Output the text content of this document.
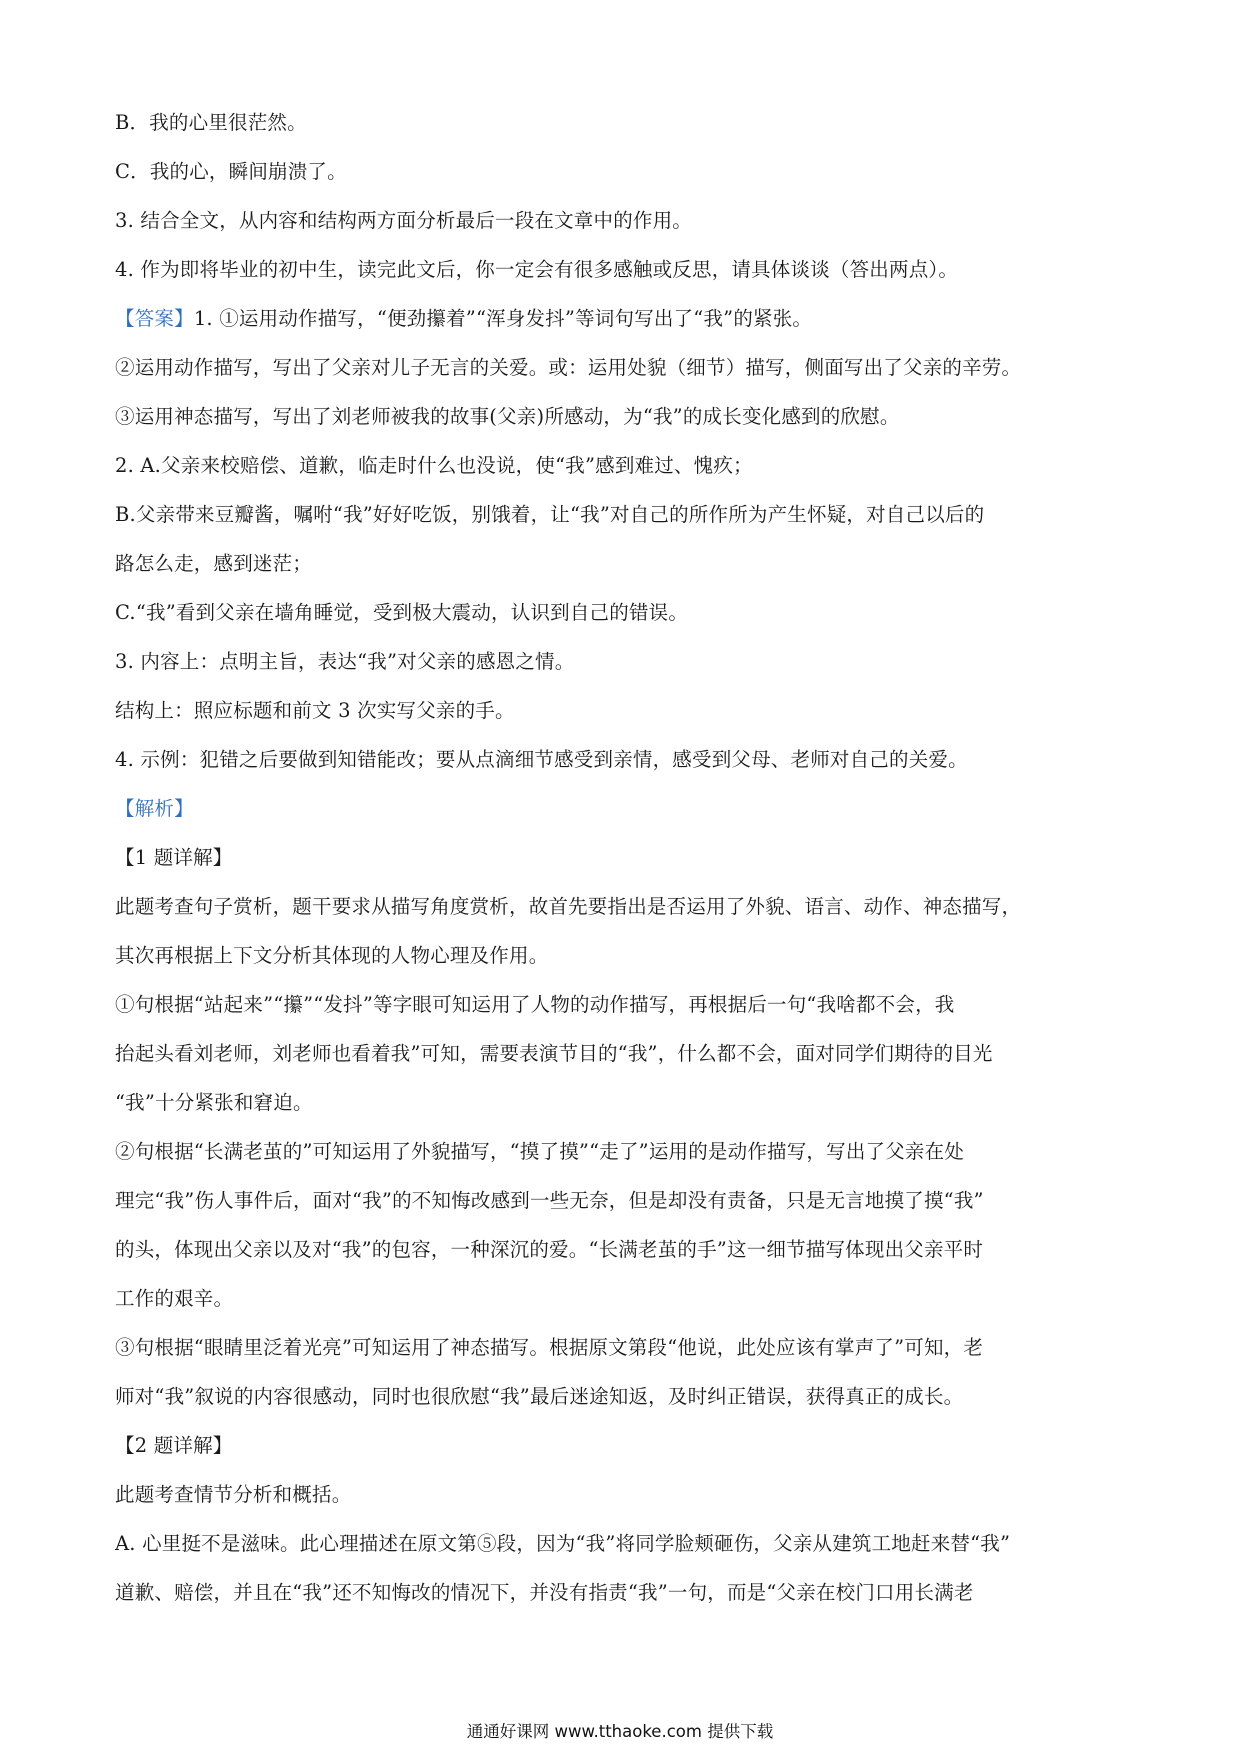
B．我的心里很茫然。
C．我的心，瞬间崩溃了。
3. 结合全文，从内容和结构两方面分析最后一段在文章中的作用。
4. 作为即将毕业的初中生，读完此文后，你一定会有很多感触或反思，请具体谈谈（答出两点）。
【答案】1. ①运用动作描写，“便劲攥着”“浑身发抖”等词句写出了“我”的紧张。
②运用动作描写，写出了父亲对儿子无言的关爱。或：运用处貌（细节）描写，侧面写出了父亲的辛劳。
③运用神态描写，写出了刘老师被我的故事(父亲)所感动，为“我”的成长变化感到的欣慰。
2. A.父亲来校赔偿、道歉，临走时什么也没说，使“我”感到难过、愧疚；
B.父亲带来豆瓣酱，嘱咐“我”好好吃饭，别饿着，让“我”对自己的所作所为产生怀疑，对自己以后的
路怎么走，感到迷茫；
C.“我”看到父亲在墙角睡觉，受到极大震动，认识到自己的错误。
3. 内容上：点明主旨，表达“我”对父亲的感恩之情。
结构上：照应标题和前文 3 次实写父亲的手。
4. 示例：犯错之后要做到知错能改；要从点滴细节感受到亲情，感受到父母、老师对自己的关爱。
【解析】
【1 题详解】
此题考查句子赏析，题干要求从描写角度赏析，故首先要指出是否运用了外貌、语言、动作、神态描写，
其次再根据上下文分析其体现的人物心理及作用。
①句根据“站起来”“攥”“发抖”等字眼可知运用了人物的动作描写，再根据后一句“我啥都不会，我
抬起头看刘老师，刘老师也看着我”可知，需要表演节目的“我”，什么都不会，面对同学们期待的目光
“我”十分紧张和窘迫。
②句根据“长满老茧的”可知运用了外貌描写，“摸了摸”“走了”运用的是动作描写，写出了父亲在处
理完“我”伤人事件后，面对“我”的不知悔改感到一些无奈，但是却没有责备，只是无言地摸了摸“我”
的头，体现出父亲以及对“我”的包容，一种深沉的爱。“长满老茧的手”这一细节描写体现出父亲平时
工作的艰辛。
③句根据“眼睛里泛着光亮”可知运用了神态描写。根据原文第段“他说，此处应该有掌声了”可知，老
师对“我”叙说的内容很感动，同时也很欣慰“我”最后迷途知返，及时纠正错误，获得真正的成长。
【2 题详解】
此题考查情节分析和概括。
A. 心里挺不是滋味。此心理描述在原文第⑤段，因为“我”将同学脸颊砸伤，父亲从建筑工地赶来替“我”
道歉、赔偿，并且在“我”还不知悔改的情况下，并没有指责“我”一句，而是“父亲在校门口用长满老
通通好课网 www.tthaoke.com 提供下载
